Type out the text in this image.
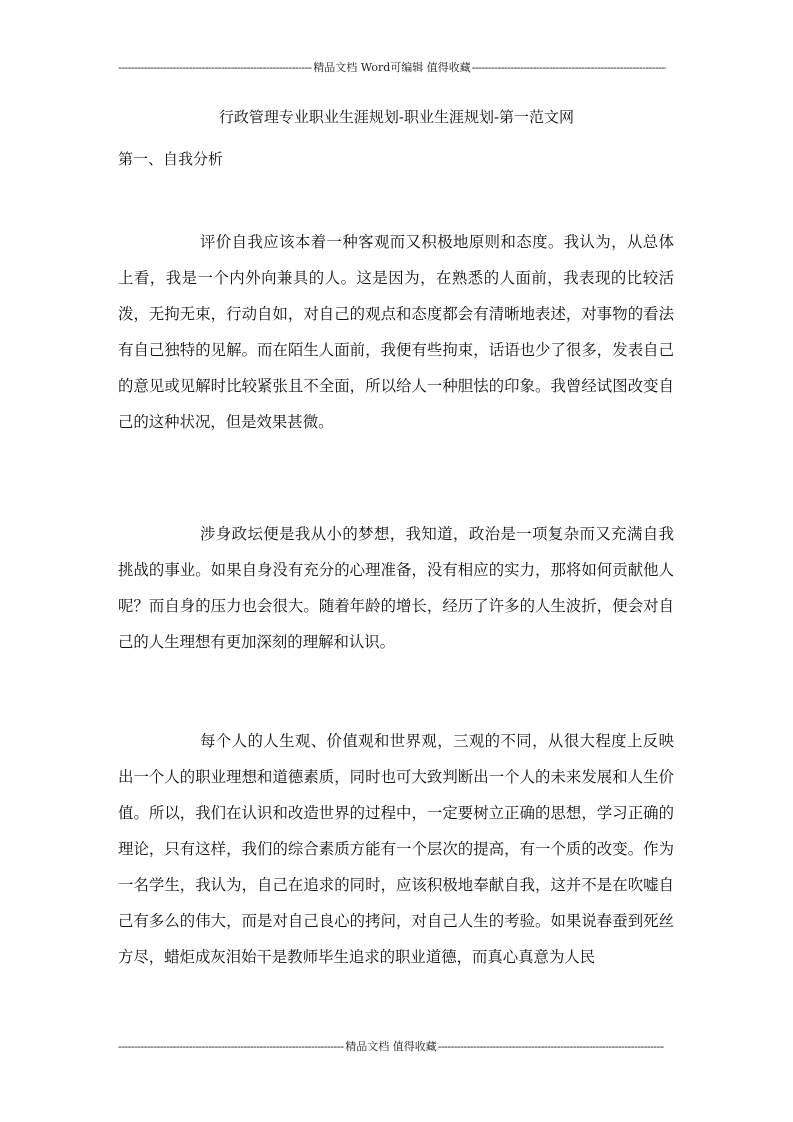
-----
精品文档 Word可编辑 值得收藏
-----
行政管理专业职业生涯规划-职业生涯规划-第一范文网
第一、自我分析

评价自我应该本着一种客观而又积极地原则和态度。我认为，从总体上看，我是一个内外向兼具的人。这是因为，在熟悉的人面前，我表现的比较活泼，无拘无束，行动自如，对自己的观点和态度都会有清晰地表述，对事物的看法有自己独特的见解。而在陌生人面前，我便有些拘束，话语也少了很多，发表自己的意见或见解时比较紧张且不全面，所以给人一种胆怯的印象。我曾经试图改变自己的这种状况，但是效果甚微。

涉身政坛便是我从小的梦想，我知道，政治是一项复杂而又充满自我挑战的事业。如果自身没有充分的心理准备，没有相应的实力，那将如何贡献他人呢？而自身的压力也会很大。随着年龄的增长，经历了许多的人生波折，便会对自己的人生理想有更加深刻的理解和认识。

每个人的人生观、价值观和世界观，三观的不同，从很大程度上反映出一个人的职业理想和道德素质，同时也可大致判断出一个人的未来发展和人生价值。所以，我们在认识和改造世界的过程中，一定要树立正确的思想，学习正确的理论，只有这样，我们的综合素质方能有一个层次的提高，有一个质的改变。作为一名学生，我认为，自己在追求的同时，应该积极地奉献自我，这并不是在吹嘘自己有多么的伟大，而是对自己良心的拷问，对自己人生的考验。如果说春蚕到死丝方尽，蜡炬成灰泪始干是教师毕生追求的职业道德，而真心真意为人民

-----
精品文档 值得收藏
-----
